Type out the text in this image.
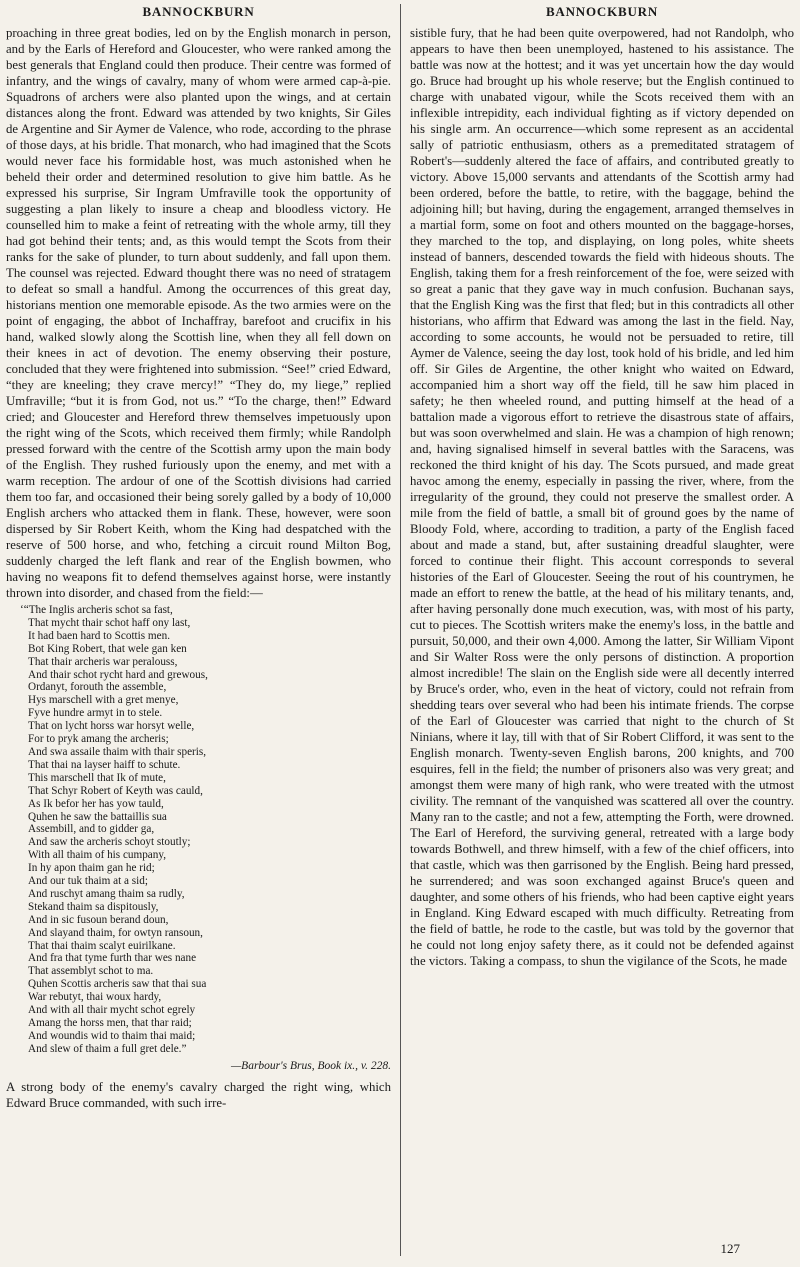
BANNOCKBURN

proaching in three great bodies, led on by the English monarch in person, and by the Earls of Hereford and Gloucester, who were ranked among the best generals that England could then produce. Their centre was formed of infantry, and the wings of cavalry, many of whom were armed cap-à-pie. Squadrons of archers were also planted upon the wings, and at certain distances along the front. Edward was attended by two knights, Sir Giles de Argentine and Sir Aymer de Valence, who rode, according to the phrase of those days, at his bridle. That monarch, who had imagined that the Scots would never face his formidable host, was much astonished when he beheld their order and determined resolution to give him battle. As he expressed his surprise, Sir Ingram Umfraville took the opportunity of suggesting a plan likely to insure a cheap and bloodless victory. He counselled him to make a feint of retreating with the whole army, till they had got behind their tents; and, as this would tempt the Scots from their ranks for the sake of plunder, to turn about suddenly, and fall upon them. The counsel was rejected. Edward thought there was no need of stratagem to defeat so small a handful. Among the occurrences of this great day, historians mention one memorable episode. As the two armies were on the point of engaging, the abbot of Inchaffray, barefoot and crucifix in his hand, walked slowly along the Scottish line, when they all fell down on their knees in act of devotion. The enemy observing their posture, concluded that they were frightened into submission. “See!” cried Edward, “they are kneeling; they crave mercy!” “They do, my liege,” replied Umfraville; “but it is from God, not us.” “To the charge, then!” Edward cried; and Gloucester and Hereford threw themselves impetuously upon the right wing of the Scots, which received them firmly; while Randolph pressed forward with the centre of the Scottish army upon the main body of the English. They rushed furiously upon the enemy, and met with a warm reception. The ardour of one of the Scottish divisions had carried them too far, and occasioned their being sorely galled by a body of 10,000 English archers who attacked them in flank. These, however, were soon dispersed by Sir Robert Keith, whom the King had despatched with the reserve of 500 horse, and who, fetching a circuit round Milton Bog, suddenly charged the left flank and rear of the English bowmen, who having no weapons fit to defend themselves against horse, were instantly thrown into disorder, and chased from the field:—

‘“The Inglis archeris schot sa fast,
That mycht thair schot haff ony last,
It had baen hard to Scottis men.
Bot King Robert, that wele gan ken
That thair archeris war peralouss,
And thair schot rycht hard and grewous,
Ordanyt, forouth the assemble,
Hys marschell with a gret menye,
Fyve hundre armyt in to stele.
That on lycht horss war horsyt welle,
For to pryk amang the archeris;
And swa assaile thaim with thair speris,
That thai na layser haiff to schute.
This marschell that Ik of mute,
That Schyr Robert of Keyth was cauld,
As Ik befor her has yow tauld,
Quhen he saw the battaillis sua
Assembill, and to gidder ga,
And saw the archeris schoyt stoutly;
With all thaim of his cumpany,
In hy apon thaim gan he rid;
And our tuk thaim at a sid;
And ruschyt amang thaim sa rudly,
Stekand thaim sa dispitously,
And in sic fusoun berand doun,
And slayand thaim, for owtyn ransoun,
That thai thaim scalyt euirilkane.
And fra that tyme furth thar wes nane
That assemblyt schot to ma.
Quhen Scottis archeris saw that thai sua
War rebutyt, thai woux hardy,
And with all thair mycht schot egrely
Amang the horss men, that thar raid;
And woundis wid to thaim thai maid;
And slew of thaim a full gret dele.”
—Barbour's Brus, Book ix., v. 228.

A strong body of the enemy's cavalry charged the right wing, which Edward Bruce commanded, with such irre-

BANNOCKBURN

sistible fury, that he had been quite overpowered, had not Randolph, who appears to have then been unemployed, hastened to his assistance. The battle was now at the hottest; and it was yet uncertain how the day would go. Bruce had brought up his whole reserve; but the English continued to charge with unabated vigour, while the Scots received them with an inflexible intrepidity, each individual fighting as if victory depended on his single arm. An occurrence—which some represent as an accidental sally of patriotic enthusiasm, others as a premeditated stratagem of Robert's—suddenly altered the face of affairs, and contributed greatly to victory. Above 15,000 servants and attendants of the Scottish army had been ordered, before the battle, to retire, with the baggage, behind the adjoining hill; but having, during the engagement, arranged themselves in a martial form, some on foot and others mounted on the baggage-horses, they marched to the top, and displaying, on long poles, white sheets instead of banners, descended towards the field with hideous shouts. The English, taking them for a fresh reinforcement of the foe, were seized with so great a panic that they gave way in much confusion. Buchanan says, that the English King was the first that fled; but in this contradicts all other historians, who affirm that Edward was among the last in the field. Nay, according to some accounts, he would not be persuaded to retire, till Aymer de Valence, seeing the day lost, took hold of his bridle, and led him off. Sir Giles de Argentine, the other knight who waited on Edward, accompanied him a short way off the field, till he saw him placed in safety; he then wheeled round, and putting himself at the head of a battalion made a vigorous effort to retrieve the disastrous state of affairs, but was soon overwhelmed and slain. He was a champion of high renown; and, having signalised himself in several battles with the Saracens, was reckoned the third knight of his day. The Scots pursued, and made great havoc among the enemy, especially in passing the river, where, from the irregularity of the ground, they could not preserve the smallest order. A mile from the field of battle, a small bit of ground goes by the name of Bloody Fold, where, according to tradition, a party of the English faced about and made a stand, but, after sustaining dreadful slaughter, were forced to continue their flight. This account corresponds to several histories of the Earl of Gloucester. Seeing the rout of his countrymen, he made an effort to renew the battle, at the head of his military tenants, and, after having personally done much execution, was, with most of his party, cut to pieces. The Scottish writers make the enemy's loss, in the battle and pursuit, 50,000, and their own 4,000. Among the latter, Sir William Vipont and Sir Walter Ross were the only persons of distinction. A proportion almost incredible! The slain on the English side were all decently interred by Bruce's order, who, even in the heat of victory, could not refrain from shedding tears over several who had been his intimate friends. The corpse of the Earl of Gloucester was carried that night to the church of St Ninians, where it lay, till with that of Sir Robert Clifford, it was sent to the English monarch. Twenty-seven English barons, 200 knights, and 700 esquires, fell in the field; the number of prisoners also was very great; and amongst them were many of high rank, who were treated with the utmost civility. The remnant of the vanquished was scattered all over the country. Many ran to the castle; and not a few, attempting the Forth, were drowned. The Earl of Hereford, the surviving general, retreated with a large body towards Bothwell, and threw himself, with a few of the chief officers, into that castle, which was then garrisoned by the English. Being hard pressed, he surrendered; and was soon exchanged against Bruce's queen and daughter, and some others of his friends, who had been captive eight years in England. King Edward escaped with much difficulty. Retreating from the field of battle, he rode to the castle, but was told by the governor that he could not long enjoy safety there, as it could not be defended against the victors. Taking a compass, to shun the vigilance of the Scots, he made

127
